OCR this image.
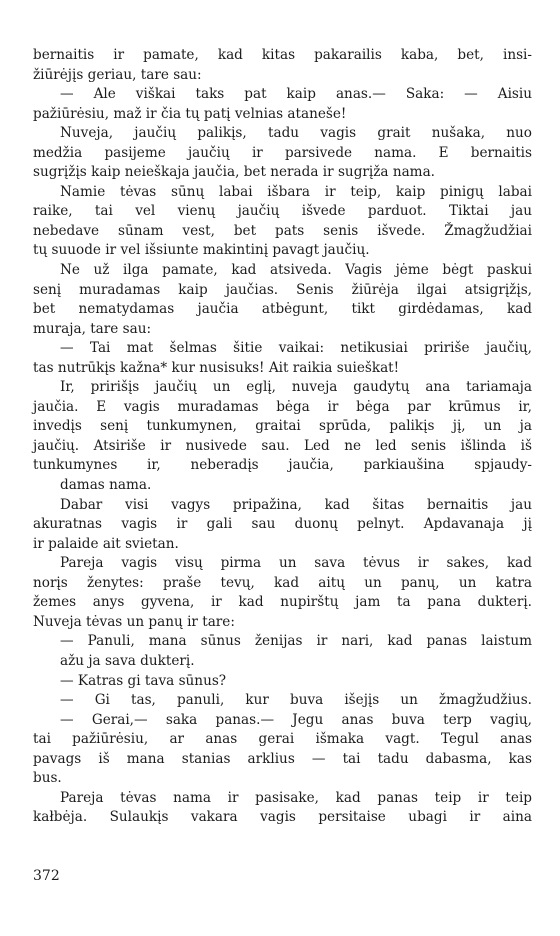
bernaitis ir pamate, kad kitas pakarailis kaba, bet, insi-
žiūrėjįs geriau, tare sau:
— Ale viškai taks pat kaip anas.— Saka: — Aisiu
pažiūrėsiu, maž ir čia tų patį velnias ataneše!
Nuveja, jaučių palikįs, tadu vagis grait nušaka, nuo
medžia pasijeme jaučių ir parsivede nama. E bernaitis
sugrįžįs kaip neieškaja jaučia, bet nerada ir sugrįža nama.
Namie tėvas sūnų labai išbara ir teip, kaip pinigų labai
raike, tai vel vienų jaučių išvede parduot. Tiktai jau
nebedave sūnam vest, bet pats senis išvede. Žmagžudžiai
tų suuode ir vel išsiunte makintinį pavagt jaučių.
Ne už ilga pamate, kad atsiveda. Vagis jėme bėgt paskui
senį muradamas kaip jaučias. Senis žiūrėja ilgai atsigrįžįs,
bet nematydamas jaučia atbėgunt, tikt girdėdamas, kad
muraja, tare sau:
— Tai mat šelmas šitie vaikai: netikusiai pririše jaučių,
tas nutrūkįs kažna* kur nusisuks! Ait raikia suieškat!
Ir, pririšįs jaučių un eglį, nuveja gaudytų ana tariamaja
jaučia. E vagis muradamas bėga ir bėga par krūmus ir,
invedįs senį tunkumynen, graitai sprūda, palikįs jį, un ja
jaučių. Atsirišе ir nusivede sau. Led ne led senis išlinda iš
tunkumynes ir, neberadįs jaučia, parkiaušina spjaudy-
damas nama.
Dabar visi vagys pripažina, kad šitas bernaitis jau
akuratnas vagis ir gali sau duonų pelnyt. Apdavanaja jį
ir palaide ait svietan.
Pareja vagis visų pirma un sava tėvus ir sakes, kad
norįs ženytes: praše tevų, kad aitų un panų, un katra
žemes anys gyvena, ir kad nupirštų jam ta pana dukterį.
Nuveja tėvas un panų ir tare:
— Panuli, mana sūnus ženijas ir nari, kad panas laistum
ažu ja sava dukterį.
— Katras gi tava sūnus?
— Gi tas, panuli, kur buva išejįs un žmagžudžius.
— Gerai,— saka panas.— Jegu anas buva terp vagių,
tai pažiūrėsiu, ar anas gerai išmaka vagt. Tegul anas
pavags iš mana stanias arklius — tai tadu dabasma, kas
bus.
Pareja tėvas nama ir pasisake, kad panas teip ir teip
kałbėja. Sulaukįs vakara vagis persitaise ubagi ir aina
372
